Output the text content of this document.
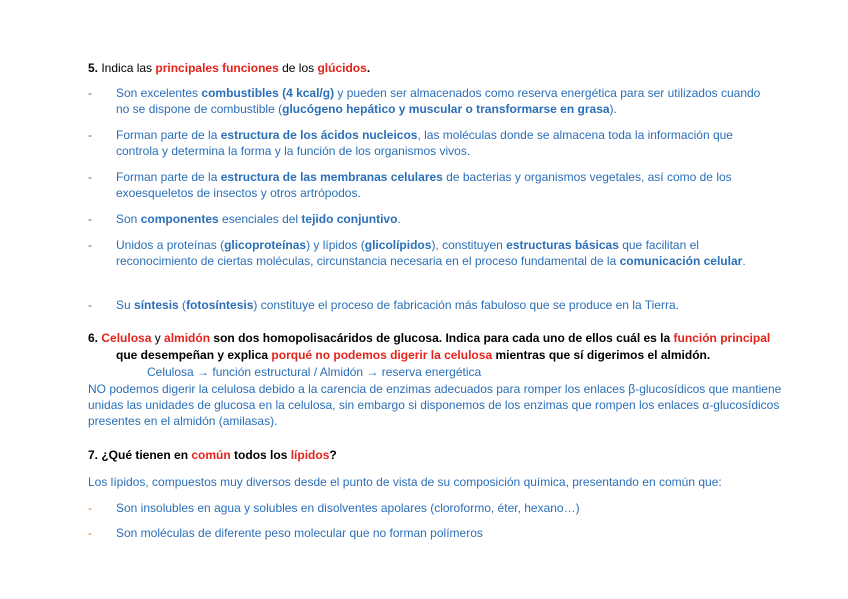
5. Indica las principales funciones de los glúcidos.
-	Son excelentes combustibles (4 kcal/g) y pueden ser almacenados como reserva energética para ser utilizados cuando no se dispone de combustible (glucógeno hepático y muscular o transformarse en grasa).
-	Forman parte de la estructura de los ácidos nucleicos, las moléculas donde se almacena toda la información que controla y determina la forma y la función de los organismos vivos.
-	Forman parte de la estructura de las membranas celulares de bacterias y organismos vegetales, así como de los exoesqueletos de insectos y otros artrópodos.
-	Son componentes esenciales del tejido conjuntivo.
-	Unidos a proteínas (glicoproteínas) y lípidos (glicolípidos), constituyen estructuras básicas que facilitan el reconocimiento de ciertas moléculas, circunstancia necesaria en el proceso fundamental de la comunicación celular.
-	Su síntesis (fotosíntesis) constituye el proceso de fabricación más fabuloso que se produce en la Tierra.
6. Celulosa y almidón son dos homopolisacáridos de glucosa. Indica para cada uno de ellos cuál es la función principal
que desempeñan y explica porqué no podemos digerir la celulosa mientras que sí digerimos el almidón.
Celulosa → función estructural / Almidón → reserva energética
NO podemos digerir la celulosa debido a la carencia de enzimas adecuados para romper los enlaces β-glucosídicos que mantiene unidas las unidades de glucosa en la celulosa, sin embargo si disponemos de los enzimas que rompen los enlaces α-glucosídicos presentes en el almidón (amilasas).
7. ¿Qué tienen en común todos los lípidos?
Los lípidos, compuestos muy diversos desde el punto de vista de su composición química, presentando en común que:
-	Son insolubles en agua y solubles en disolventes apolares (cloroformo, éter, hexano…)
-	Son moléculas de diferente peso molecular que no forman polímeros
